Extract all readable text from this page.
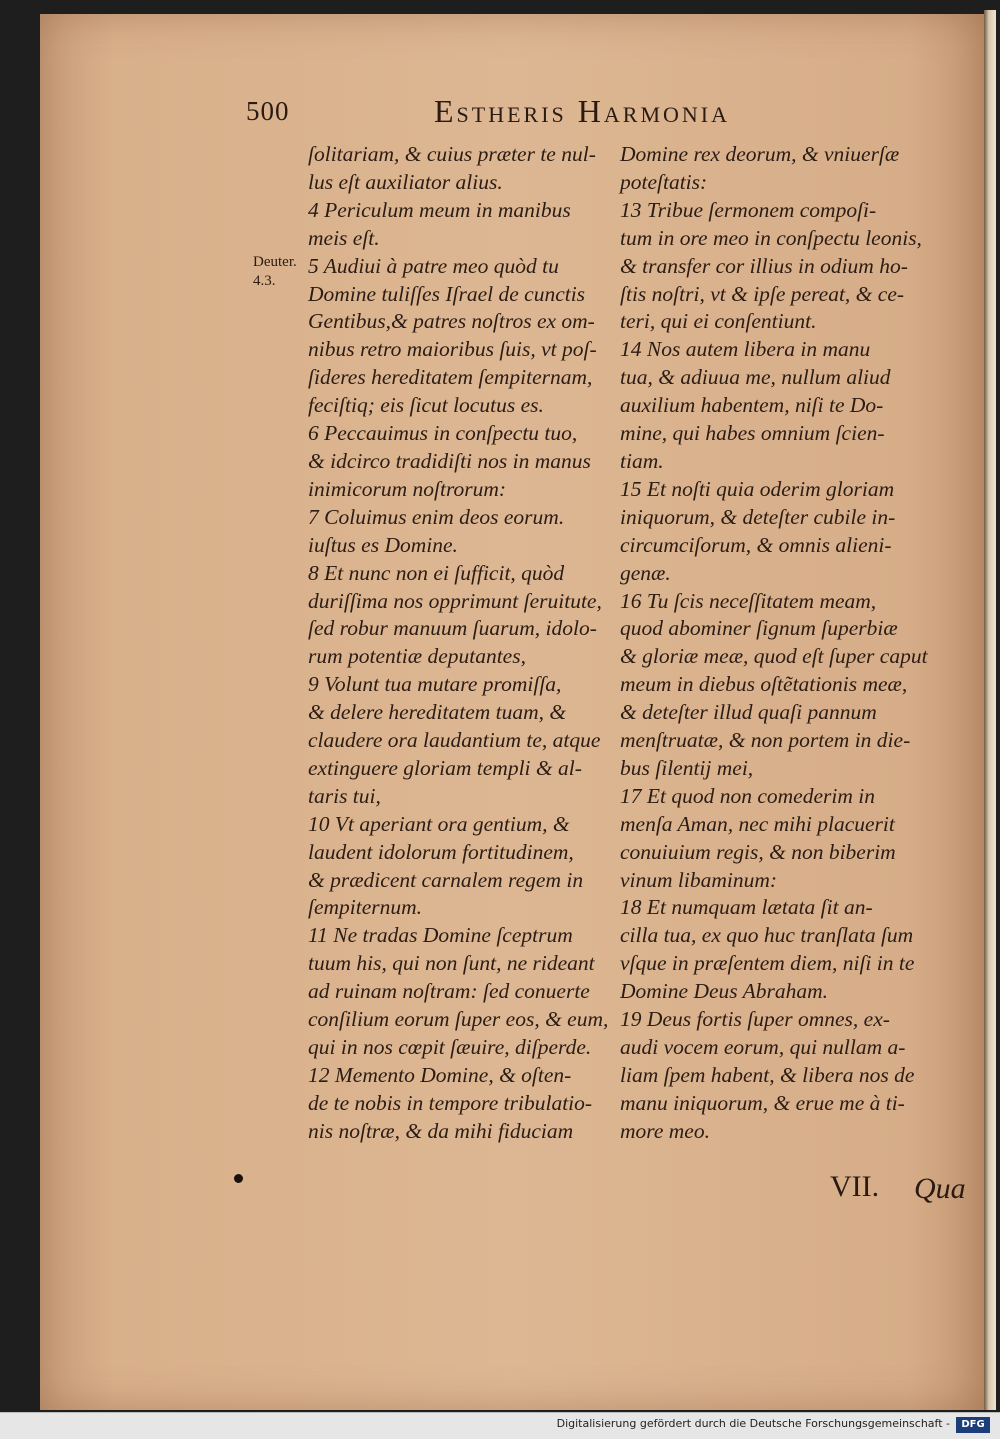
500	Estheris Harmonia
Deuter.
4.3.
ſolitariam, & cuius præter te nul-
lus eſt auxiliator alius.
4 Periculum meum in manibus
meis eſt.
5 Audiui à patre meo quòd tu
Domine tuliſſes Iſrael de cunctis
Gentibus,& patres noſtros ex om-
nibus retro maioribus ſuis, vt poſ-
ſideres hereditatem ſempiternam,
feciſtiq; eis ſicut locutus es.
6 Peccauimus in conſpectu tuo,
& idcirco tradidiſti nos in manus
inimicorum noſtrorum:
7 Coluimus enim deos eorum.
iuſtus es Domine.
8 Et nunc non ei ſufficit, quòd
duriſſima nos opprimunt ſeruitute,
ſed robur manuum ſuarum, idolo-
rum potentiæ deputantes,
9 Volunt tua mutare promiſſa,
& delere hereditatem tuam, &
claudere ora laudantium te, atque
extinguere gloriam templi & al-
taris tui,
10 Vt aperiant ora gentium, &
laudent idolorum fortitudinem,
& prædicent carnalem regem in
ſempiternum.
11 Ne tradas Domine ſceptrum
tuum his, qui non ſunt, ne rideant
ad ruinam noſtram: ſed conuerte
conſilium eorum ſuper eos, & eum,
qui in nos cœpit ſæuire, diſperde.
12 Memento Domine, & oſten-
de te nobis in tempore tribulatio-
nis noſtræ, & da mihi fiduciam
Domine rex deorum, & vniuerſæ
poteſtatis:
13 Tribue ſermonem compoſi-
tum in ore meo in conſpectu leonis,
& transfer cor illius in odium ho-
ſtis noſtri, vt & ipſe pereat, & ce-
teri, qui ei conſentiunt.
14 Nos autem libera in manu
tua, & adiuua me, nullum aliud
auxilium habentem, niſi te Do-
mine, qui habes omnium ſcien-
tiam.
15 Et noſti quia oderim gloriam
iniquorum, & deteſter cubile in-
circumciſorum, & omnis alieni-
genæ.
16 Tu ſcis neceſſitatem meam,
quod abominer ſignum ſuperbiæ
& gloriæ meæ, quod eſt ſuper caput
meum in diebus oſtẽtationis meæ,
& deteſter illud quaſi pannum
menſtruatæ, & non portem in die-
bus ſilentij mei,
17 Et quod non comederim in
menſa Aman, nec mihi placuerit
conuiuium regis, & non biberim
vinum libaminum:
18 Et numquam lætata ſit an-
cilla tua, ex quo huc tranſlata ſum
vſque in præſentem diem, niſi in te
Domine Deus Abraham.
19 Deus fortis ſuper omnes, ex-
audi vocem eorum, qui nullam a-
liam ſpem habent, & libera nos de
manu iniquorum, & erue me à ti-
more meo.
VII. Qua
Digitalisierung gefördert durch die Deutsche Forschungsgemeinschaft -	DFG
